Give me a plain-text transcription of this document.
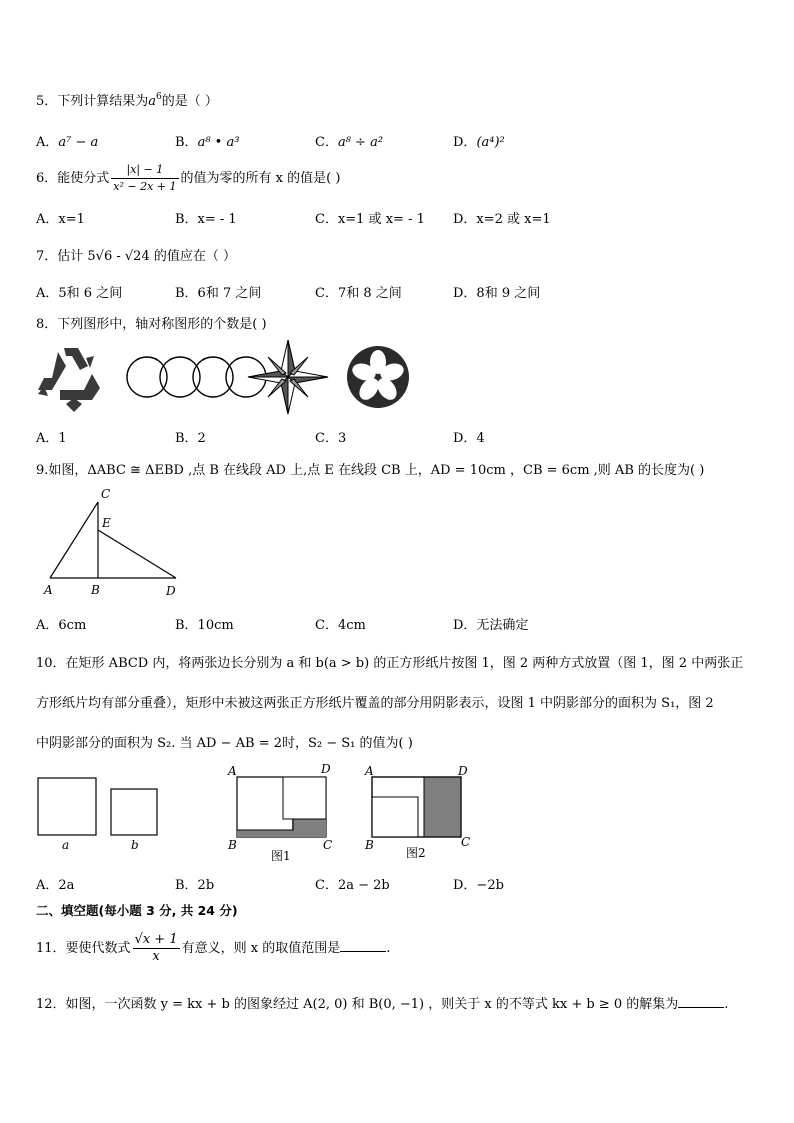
5．下列计算结果为$a^6$的是（ ）
A．a⁷ − a	B．a⁸ • a³	C．a⁸ ÷ a²	D．(a⁴)²
6．能使分式 $\frac{|x| - 1}{\text{x² − 2x + 1}}$ 的值为零的所有 x 的值是( )
A．x=1	B．x= - 1	C．x=1 或 x= - 1 D．x=2 或 x=1
7．估计 5√6 - √24 的值应在（ ）
A．5和 6 之间	B．6和 7 之间	C．7和 8 之间	D．8和 9 之间
8．下列图形中，轴对称图形的个数是( )
A．1	B．2	C．3	D．4
9.如图，ΔABC ≅ ΔEBD ,点 B 在线段 AD 上,点 E 在线段 CB 上，AD = 10cm ，CB = 6cm ,则 AB 的长度为( )
C
E
A	B	D
A．6cm	B．10cm	C．4cm	D．无法确定
10．在矩形 ABCD 内，将两张边长分别为 a 和 b(a > b) 的正方形纸片按图 1，图 2 两种方式放置（图 1，图 2 中两张正
方形纸片均有部分重叠），矩形中未被这两张正方形纸片覆盖的部分用阴影表示，设图 1 中阴影部分的面积为 S₁，图 2
中阴影部分的面积为 S₂. 当 AD − AB = 2时，S₂ − S₁ 的值为( )
a	b
A	D
B	C
图1
A	D
B	C
图2
A．2a	B．2b	C．2a − 2b	D．−2b
二、填空题(每小题 3 分, 共 24 分)
11．要使代数式 $\frac{√x + 1}{x}$ 有意义，则 x 的取值范围是	.
12．如图，一次函数 y = kx + b 的图象经过 A(2, 0) 和 B(0, −1) ，则关于 x 的不等式 kx + b ≥ 0 的解集为	.
